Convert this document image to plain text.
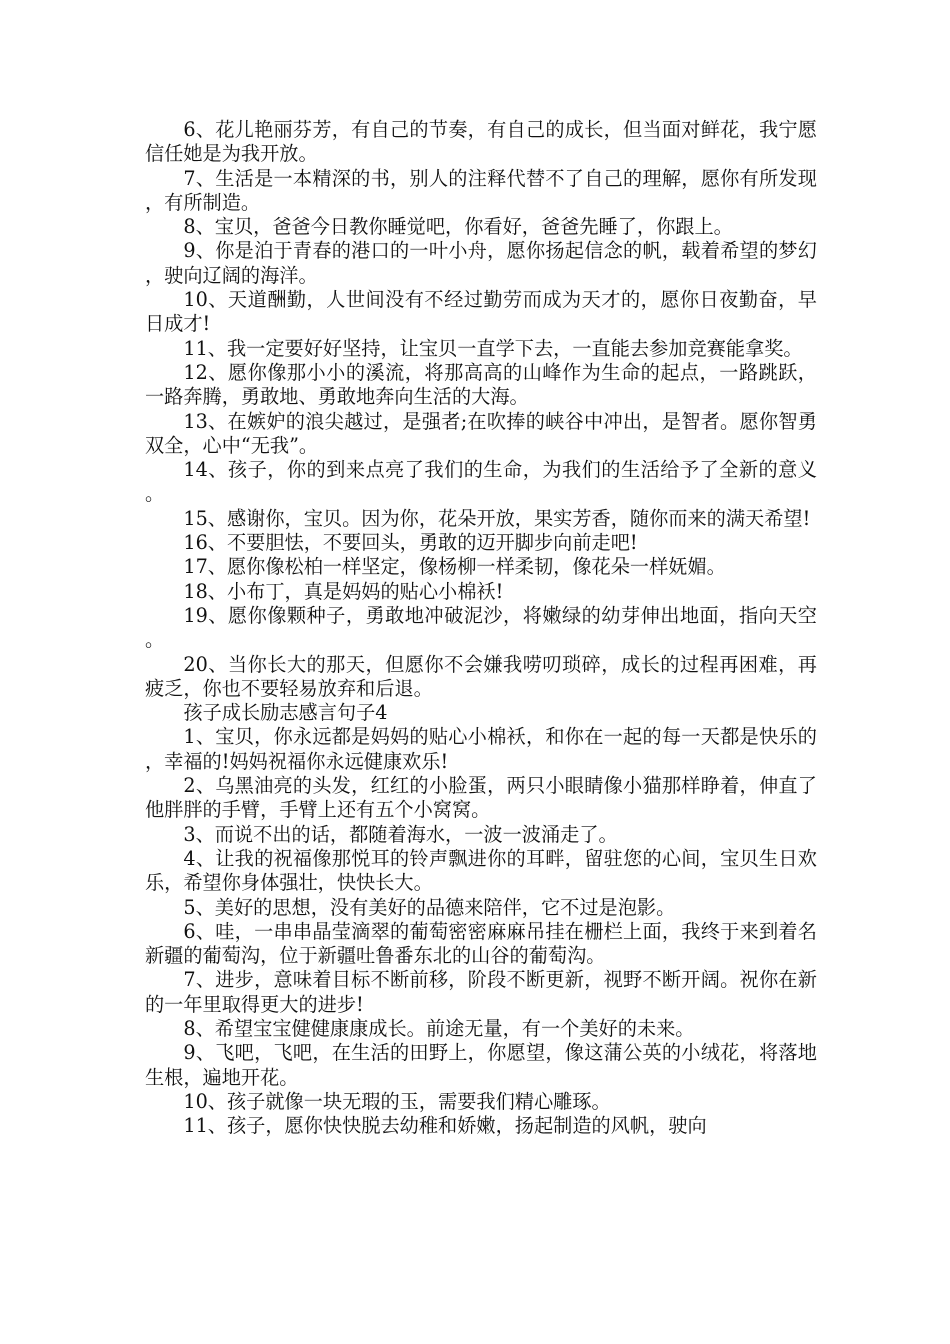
6、花儿艳丽芬芳，有自己的节奏，有自己的成长，但当面对鲜花，我宁愿信任她是为我开放。

7、生活是一本精深的书，别人的注释代替不了自己的理解，愿你有所发现，有所制造。

8、宝贝，爸爸今日教你睡觉吧，你看好，爸爸先睡了，你跟上。

9、你是泊于青春的港口的一叶小舟，愿你扬起信念的帆，载着希望的梦幻，驶向辽阔的海洋。

10、天道酬勤，人世间没有不经过勤劳而成为天才的，愿你日夜勤奋，早日成才!

11、我一定要好好坚持，让宝贝一直学下去，一直能去参加竞赛能拿奖。

12、愿你像那小小的溪流，将那高高的山峰作为生命的起点，一路跳跃，一路奔腾，勇敢地、勇敢地奔向生活的大海。

13、在嫉妒的浪尖越过，是强者;在吹捧的峡谷中冲出，是智者。愿你智勇双全，心中“无我”。

14、孩子，你的到来点亮了我们的生命，为我们的生活给予了全新的意义。

15、感谢你，宝贝。因为你，花朵开放，果实芳香，随你而来的满天希望!

16、不要胆怯，不要回头，勇敢的迈开脚步向前走吧!

17、愿你像松柏一样坚定，像杨柳一样柔韧，像花朵一样妩媚。

18、小布丁，真是妈妈的贴心小棉袄!

19、愿你像颗种子，勇敢地冲破泥沙，将嫩绿的幼芽伸出地面，指向天空。

20、当你长大的那天，但愿你不会嫌我唠叨琐碎，成长的过程再困难，再疲乏，你也不要轻易放弃和后退。

孩子成长励志感言句子4

1、宝贝，你永远都是妈妈的贴心小棉袄，和你在一起的每一天都是快乐的，幸福的!妈妈祝福你永远健康欢乐!

2、乌黑油亮的头发，红红的小脸蛋，两只小眼睛像小猫那样睁着，伸直了他胖胖的手臂，手臂上还有五个小窝窝。

3、而说不出的话，都随着海水，一波一波涌走了。

4、让我的祝福像那悦耳的铃声飘进你的耳畔，留驻您的心间，宝贝生日欢乐，希望你身体强壮，快快长大。

5、美好的思想，没有美好的品德来陪伴，它不过是泡影。

6、哇，一串串晶莹滴翠的葡萄密密麻麻吊挂在栅栏上面，我终于来到着名新疆的葡萄沟，位于新疆吐鲁番东北的山谷的葡萄沟。

7、进步，意味着目标不断前移，阶段不断更新，视野不断开阔。祝你在新的一年里取得更大的进步!

8、希望宝宝健健康康成长。前途无量，有一个美好的未来。

9、飞吧，飞吧，在生活的田野上，你愿望，像这蒲公英的小绒花，将落地生根，遍地开花。

10、孩子就像一块无瑕的玉，需要我们精心雕琢。

11、孩子，愿你快快脱去幼稚和娇嫩，扬起制造的风帆，驶向
